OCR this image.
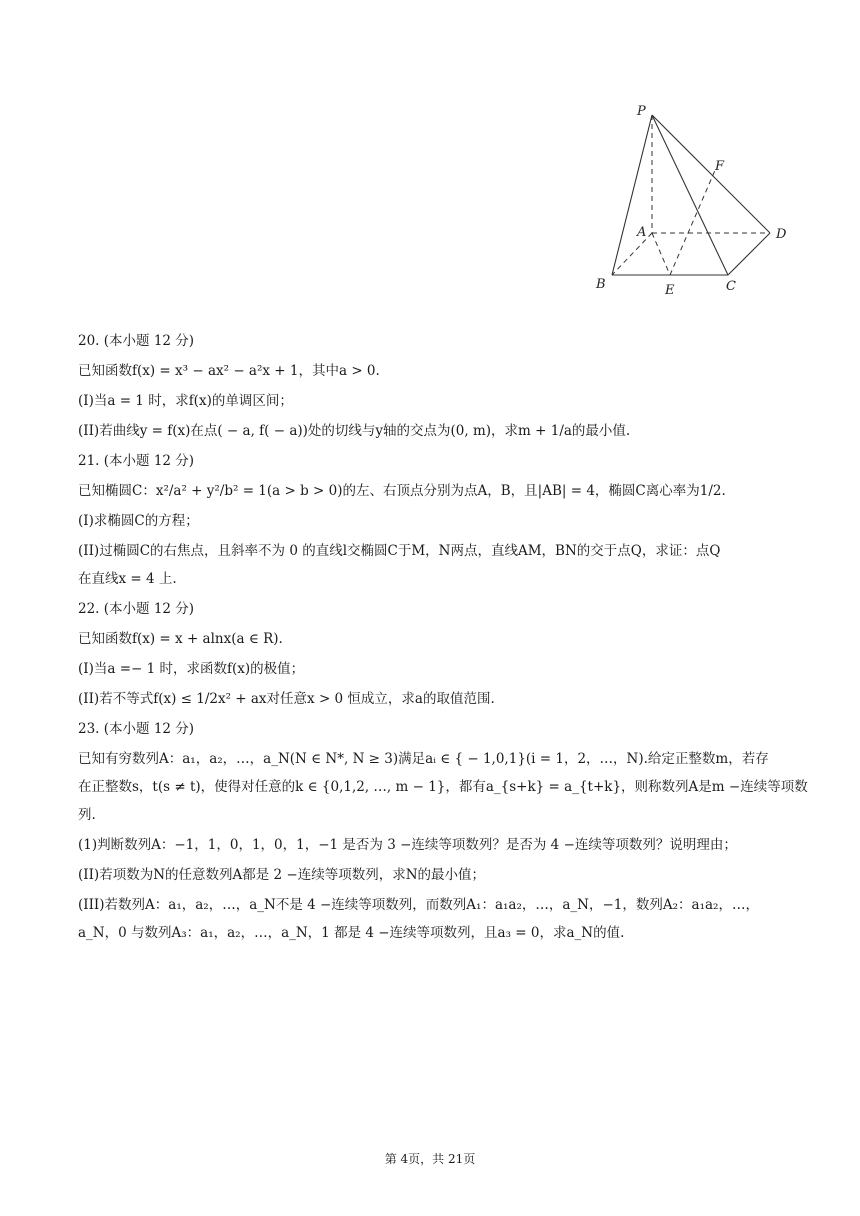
P
F
A	D
B	E	C

20. (本小题 12 分)

已知函数f(x) = x³ − ax² − a²x + 1，其中a > 0.

(I)当a = 1 时，求f(x)的单调区间；

(II)若曲线y = f(x)在点( − a, f( − a))处的切线与y轴的交点为(0, m)，求m + 1/a的最小值.

21. (本小题 12 分)

已知椭圆C：x²/a² + y²/b² = 1(a > b > 0)的左、右顶点分别为点A，B，且|AB| = 4，椭圆C离心率为1/2.

(I)求椭圆C的方程；

(II)过椭圆C的右焦点，且斜率不为 0 的直线l交椭圆C于M，N两点，直线AM，BN的交于点Q，求证：点Q

在直线x = 4 上.

22. (本小题 12 分)

已知函数f(x) = x + alnx(a ∈ R).

(I)当a =− 1 时，求函数f(x)的极值；

(II)若不等式f(x) ≤ 1/2x² + ax对任意x > 0 恒成立，求a的取值范围.

23. (本小题 12 分)

已知有穷数列A：a₁，a₂，…，a_N(N ∈ N*, N ≥ 3)满足aᵢ ∈ { − 1,0,1}(i = 1，2，…，N).给定正整数m，若存

在正整数s，t(s ≠ t)，使得对任意的k ∈ {0,1,2, …, m − 1}，都有a_{s+k} = a_{t+k}，则称数列A是m −连续等项数

列.

(1)判断数列A：−1，1，0，1，0，1，−1 是否为 3 −连续等项数列？是否为 4 −连续等项数列？说明理由；

(II)若项数为N的任意数列A都是 2 −连续等项数列，求N的最小值；

(III)若数列A：a₁，a₂，…，a_N不是 4 −连续等项数列，而数列A₁：a₁a₂，…，a_N，−1，数列A₂：a₁a₂，…，

a_N，0 与数列A₃：a₁，a₂，…，a_N，1 都是 4 −连续等项数列，且a₃ = 0，求a_N的值.

第 4页，共 21页
